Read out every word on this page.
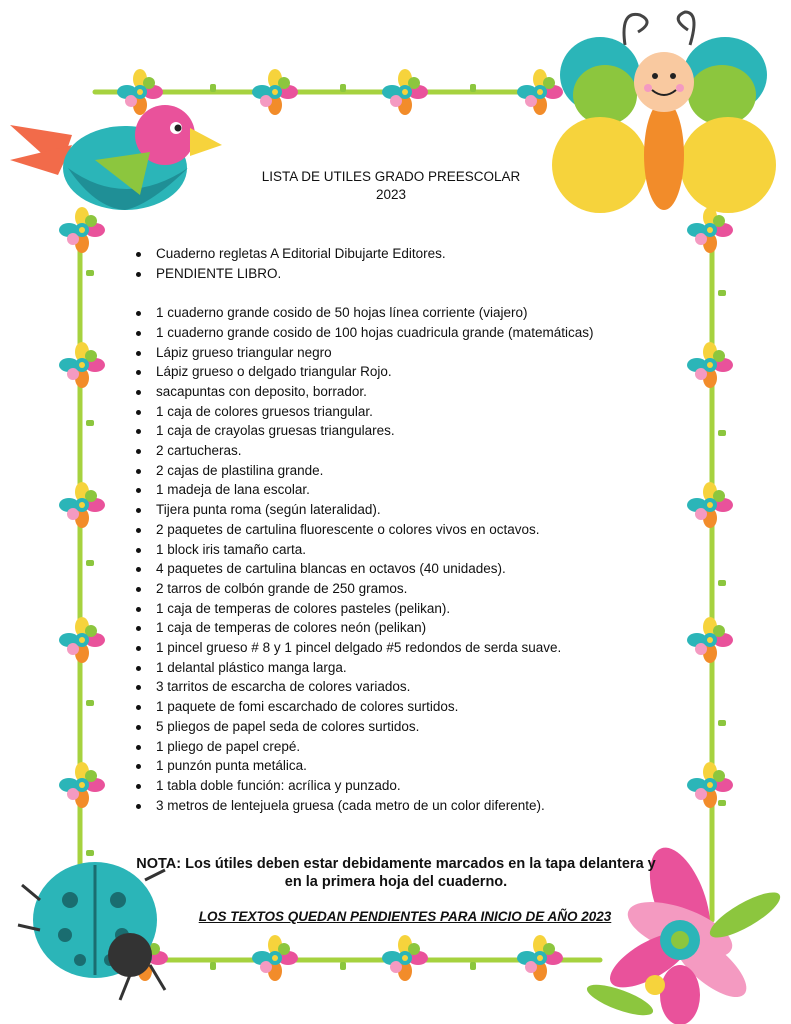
LISTA DE UTILES GRADO PREESCOLAR
2023
Cuaderno regletas A Editorial Dibujarte Editores.
PENDIENTE LIBRO.
1 cuaderno grande cosido de 50 hojas línea corriente (viajero)
1 cuaderno grande cosido de 100 hojas cuadricula grande (matemáticas)
Lápiz grueso triangular negro
Lápiz grueso o delgado triangular Rojo.
sacapuntas con deposito, borrador.
1 caja de colores gruesos triangular.
1 caja de crayolas gruesas triangulares.
2 cartucheras.
2 cajas de plastilina grande.
1 madeja de lana escolar.
Tijera punta roma (según lateralidad).
2 paquetes de cartulina fluorescente o colores vivos en octavos.
1 block iris tamaño carta.
4 paquetes de cartulina blancas en octavos (40 unidades).
2 tarros de colbón grande de 250 gramos.
1 caja de temperas de colores pasteles (pelikan).
1 caja de temperas de colores neón (pelikan)
1 pincel grueso # 8 y 1 pincel delgado #5 redondos de serda suave.
1 delantal plástico manga larga.
3 tarritos de escarcha de colores variados.
1 paquete de fomi escarchado de colores surtidos.
5 pliegos de papel seda de colores surtidos.
1 pliego de papel crepé.
1 punzón punta metálica.
1 tabla doble función: acrílica y punzado.
3 metros de lentejuela gruesa (cada metro de un color diferente).
NOTA: Los útiles deben estar debidamente marcados en la tapa delantera y
en la primera hoja del cuaderno.
LOS TEXTOS QUEDAN PENDIENTES PARA INICIO DE AÑO 2023
